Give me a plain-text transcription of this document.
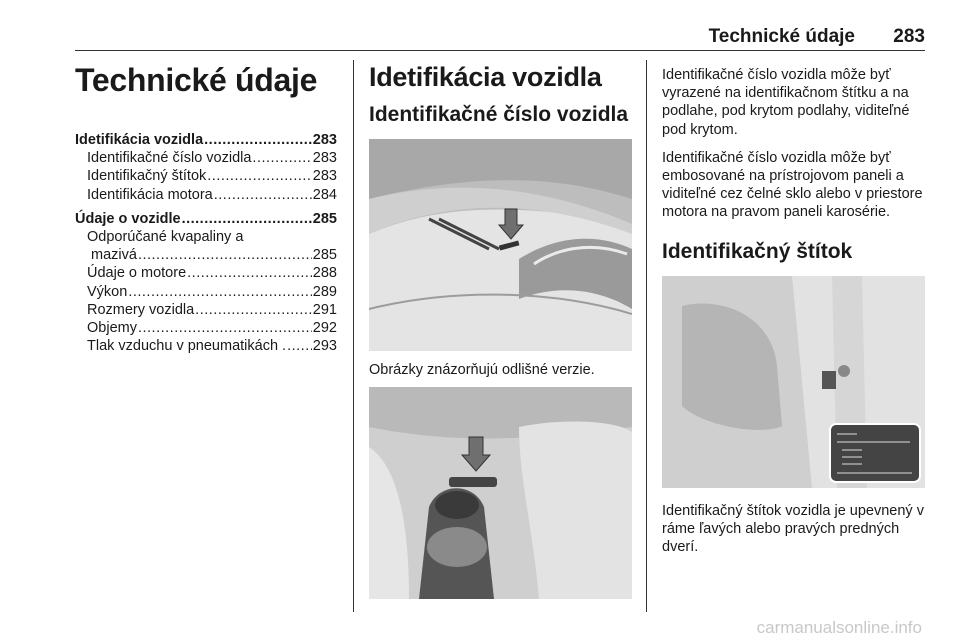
Technické údaje 283
Technické údaje
Idetifikácia vozidla .....	283
Identifikačné číslo vozidla .....	283
Identifikačný štítok .....	283
Identifikácia motora .....	284
Údaje o vozidle .....	285
Odporúčané kvapaliny a
mazivá .....	285
Údaje o motore .....	288
Výkon .....	289
Rozmery vozidla .....	291
Objemy .....	292
Tlak vzduchu v pneumatikách . ..... 293
Idetifikácia vozidla
Identifikačné číslo vozidla
Obrázky znázorňujú odlišné verzie.
Identifikačné číslo vozidla môže byť vyrazené na identifikačnom štítku a na podlahe, pod krytom podlahy, viditeľné pod krytom.
Identifikačné číslo vozidla môže byť embosované na prístrojovom paneli a viditeľné cez čelné sklo alebo v priestore motora na pravom paneli karosérie.
Identifikačný štítok
Identifikačný štítok vozidla je upevnený v ráme ľavých alebo pravých predných dverí.
carmanualsonline.info
